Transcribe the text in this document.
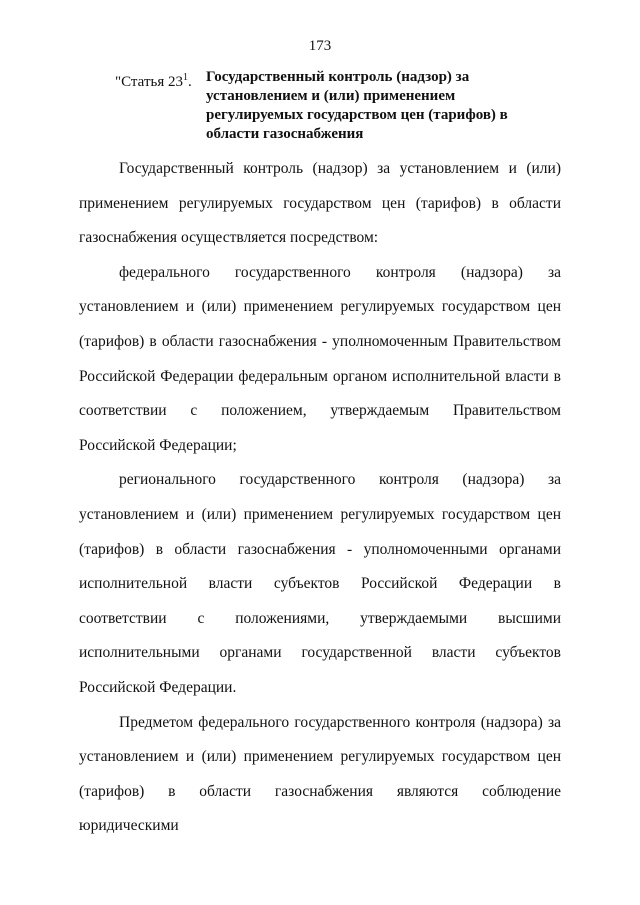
173
"Статья $23^1$. Государственный контроль (надзор) за установлением и (или) применением регулируемых государством цен (тарифов) в области газоснабжения

Государственный контроль (надзор) за установлением и (или) применением регулируемых государством цен (тарифов) в области газоснабжения осуществляется посредством:

федерального государственного контроля (надзора) за установлением и (или) применением регулируемых государством цен (тарифов) в области газоснабжения - уполномоченным Правительством Российской Федерации федеральным органом исполнительной власти в соответствии с положением, утверждаемым Правительством Российской Федерации;

регионального государственного контроля (надзора) за установлением и (или) применением регулируемых государством цен (тарифов) в области газоснабжения - уполномоченными органами исполнительной власти субъектов Российской Федерации в соответствии с положениями, утверждаемыми высшими исполнительными органами государственной власти субъектов Российской Федерации.

Предметом федерального государственного контроля (надзора) за установлением и (или) применением регулируемых государством цен (тарифов) в области газоснабжения являются соблюдение юридическими
